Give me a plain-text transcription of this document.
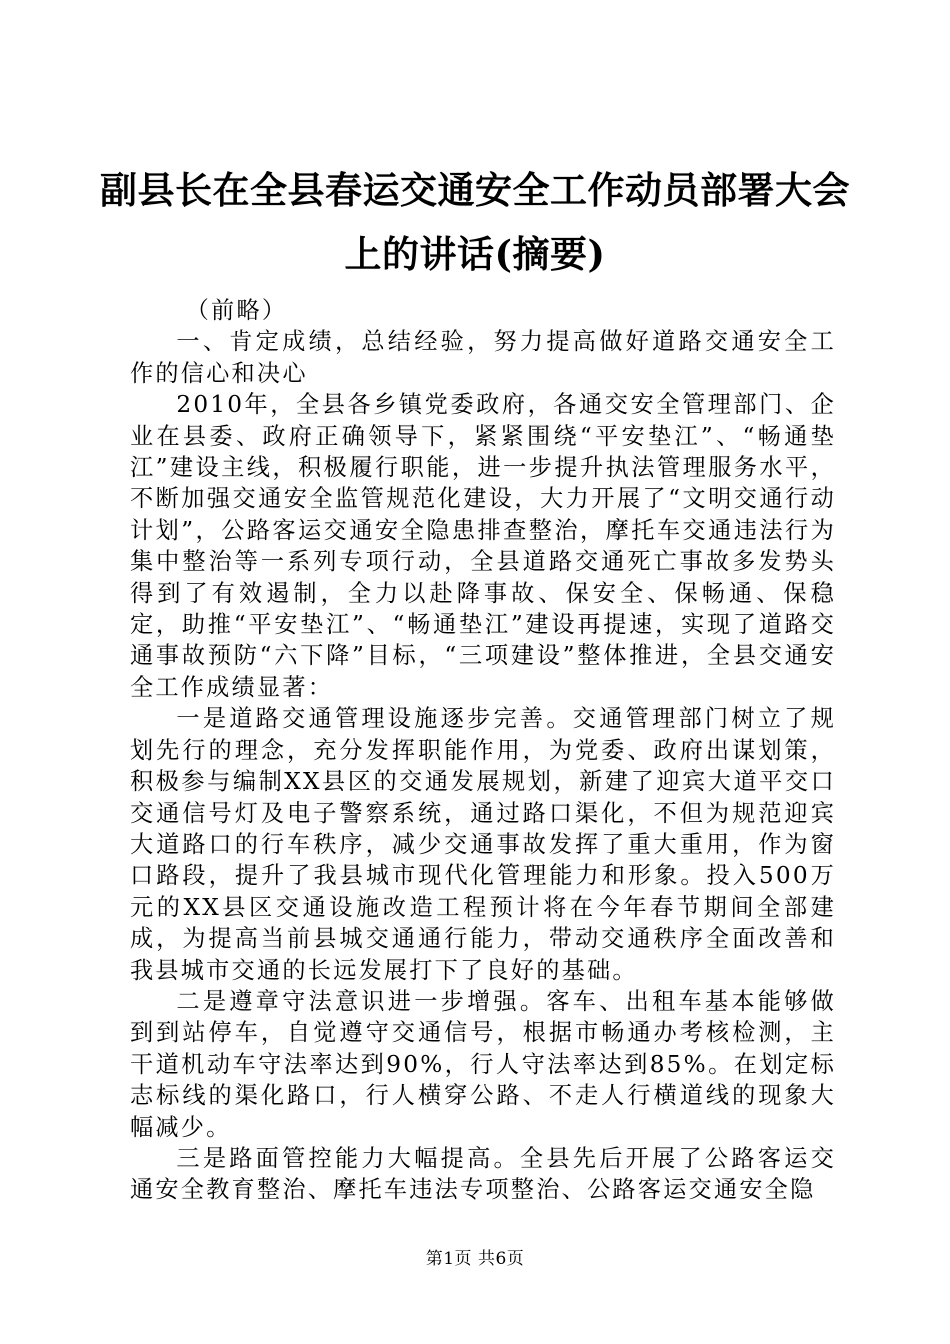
副县长在全县春运交通安全工作动员部署大会上的讲话(摘要)

（前略）

一、肯定成绩，总结经验，努力提高做好道路交通安全工作的信心和决心

2010年，全县各乡镇党委政府，各通交安全管理部门、企业在县委、政府正确领导下，紧紧围绕“平安垫江”、“畅通垫江”建设主线，积极履行职能，进一步提升执法管理服务水平，不断加强交通安全监管规范化建设，大力开展了“文明交通行动计划”，公路客运交通安全隐患排查整治，摩托车交通违法行为集中整治等一系列专项行动，全县道路交通死亡事故多发势头得到了有效遏制，全力以赴降事故、保安全、保畅通、保稳定，助推“平安垫江”、“畅通垫江”建设再提速，实现了道路交通事故预防“六下降”目标，“三项建设”整体推进，全县交通安全工作成绩显著：

一是道路交通管理设施逐步完善。交通管理部门树立了规划先行的理念，充分发挥职能作用，为党委、政府出谋划策，积极参与编制XX县区的交通发展规划，新建了迎宾大道平交口交通信号灯及电子警察系统，通过路口渠化，不但为规范迎宾大道路口的行车秩序，减少交通事故发挥了重大重用，作为窗口路段，提升了我县城市现代化管理能力和形象。投入500万元的XX县区交通设施改造工程预计将在今年春节期间全部建成，为提高当前县城交通通行能力，带动交通秩序全面改善和我县城市交通的长远发展打下了良好的基础。

二是遵章守法意识进一步增强。客车、出租车基本能够做到到站停车，自觉遵守交通信号，根据市畅通办考核检测，主干道机动车守法率达到90%，行人守法率达到85%。在划定标志标线的渠化路口，行人横穿公路、不走人行横道线的现象大幅减少。

三是路面管控能力大幅提高。全县先后开展了公路客运交通安全教育整治、摩托车违法专项整治、公路客运交通安全隐

第1页 共6页
